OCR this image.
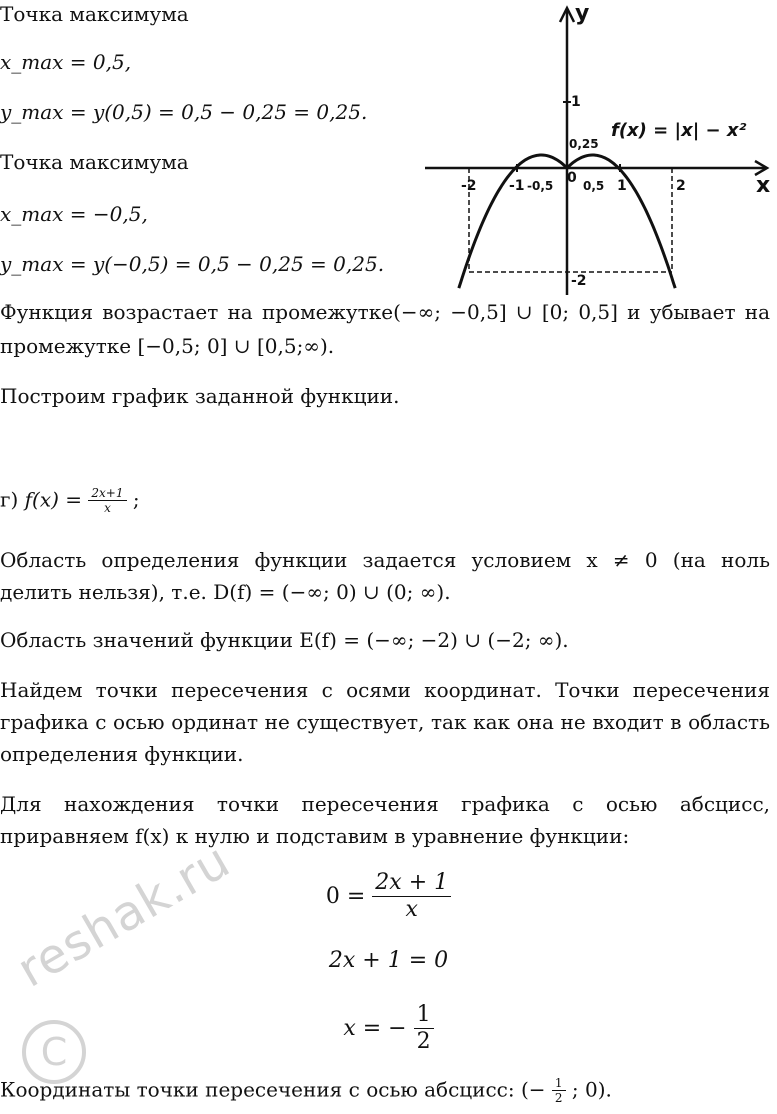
Точка максимума
x_max = 0,5,
y_max = y(0,5) = 0,5 − 0,25 = 0,25.
Точка максимума
x_max = −0,5,
y_max = y(−0,5) = 0,5 − 0,25 = 0,25.
Функция возрастает на промежутке(−∞; −0,5] ∪ [0; 0,5] и убывает на
промежутке [−0,5; 0] ∪ [0,5;∞).
Построим график заданной функции.
y
x
f(x) = |x| − x²
-2 -1 -0,5 0 0,5 1	2
1
0,25
-2
г) $f(x) = \frac{2x+1}{x}$ ;
Область определения функции задается условием x ≠ 0 (на ноль
делить нельзя), т.е. D(f) = (−∞; 0) ∪ (0; ∞).
Область значений функции E(f) = (−∞; −2) ∪ (−2; ∞).
Найдем точки пересечения с осями координат. Точки пересечения
графика с осью ординат не существует, так как она не входит в область
определения функции.
Для нахождения точки пересечения графика с осью абсцисс,
приравняем f(x) к нулю и подставим в уравнение функции:
$0 = \frac{2x + 1}{x}$
2x + 1 = 0
x = − $\frac{1}{2}$
Координаты точки пересечения с осью абсцисс: (− $\frac{1}{2}$ ; 0).
reshak.ru
C
